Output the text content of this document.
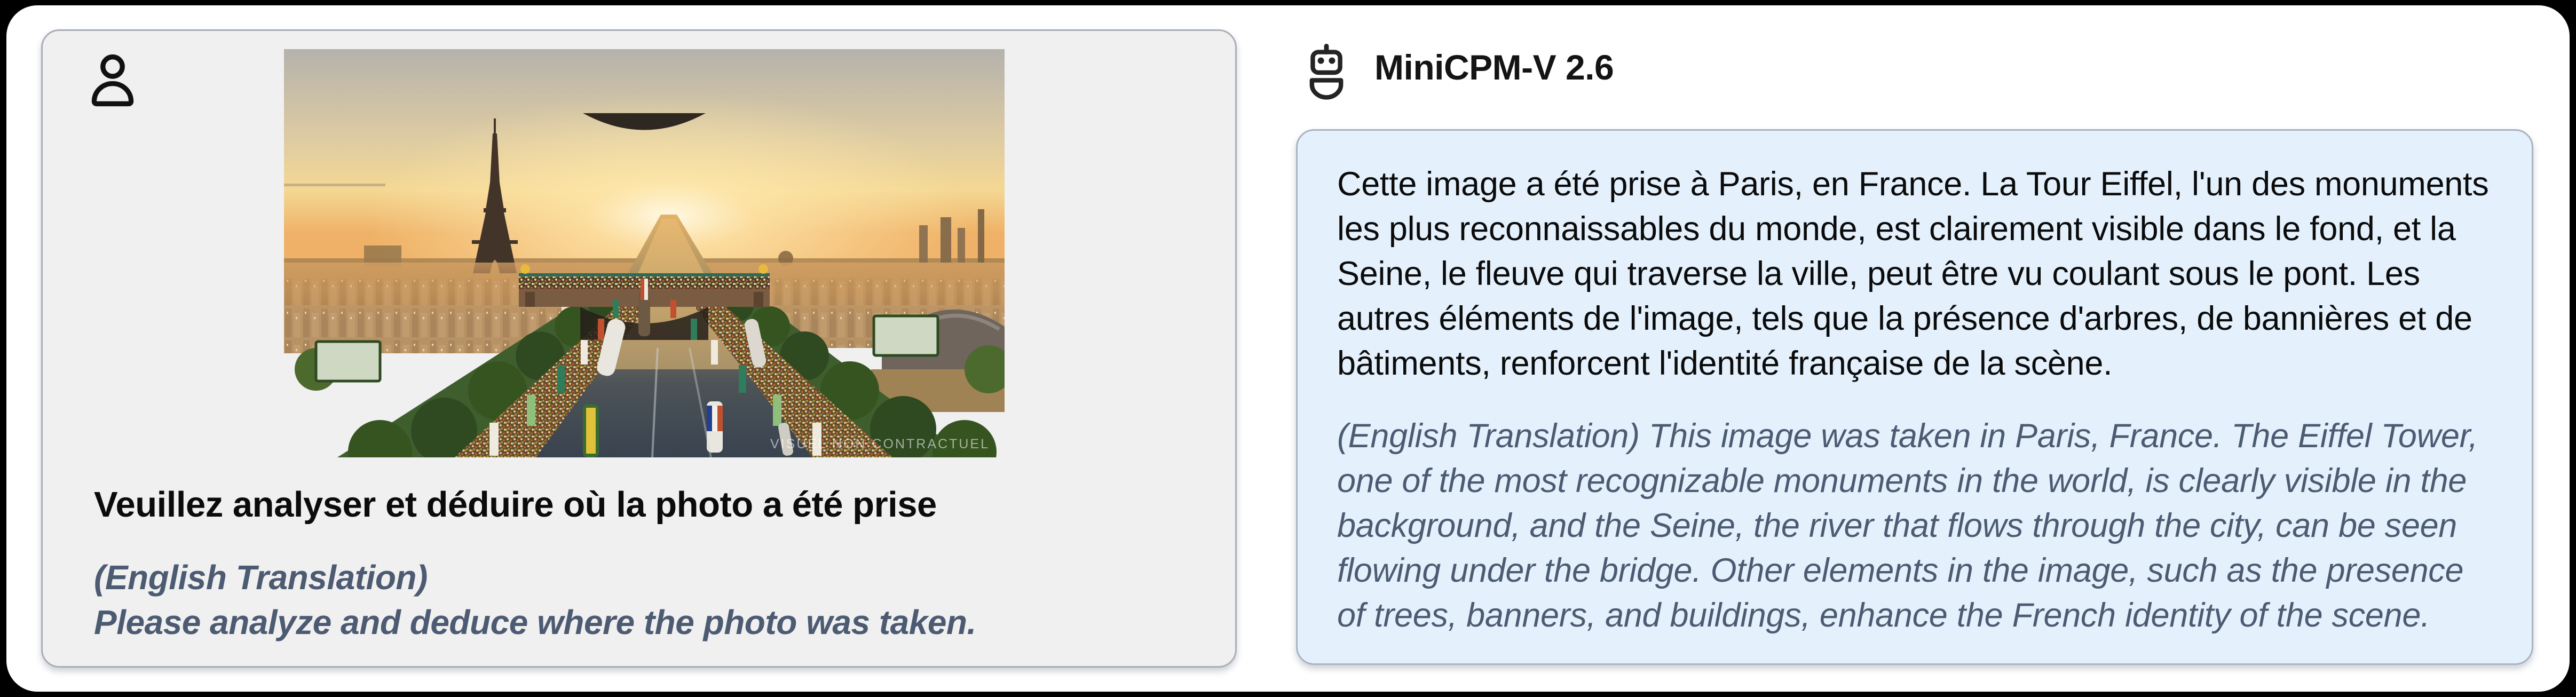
VISUEL NON CONTRACTUEL
Veuillez analyser et déduire où la photo a été prise
(English Translation)
Please analyze and deduce where the photo was taken.
MiniCPM-V 2.6

Cette image a été prise à Paris, en France. La Tour Eiffel, l'un des monuments les plus reconnaissables du monde, est clairement visible dans le fond, et la Seine, le fleuve qui traverse la ville, peut être vu coulant sous le pont. Les autres éléments de l'image, tels que la présence d'arbres, de bannières et de bâtiments, renforcent l'identité française de la scène.

(English Translation) This image was taken in Paris, France. The Eiffel Tower, one of the most recognizable monuments in the world, is clearly visible in the background, and the Seine, the river that flows through the city, can be seen flowing under the bridge. Other elements in the image, such as the presence of trees, banners, and buildings, enhance the French identity of the scene.
